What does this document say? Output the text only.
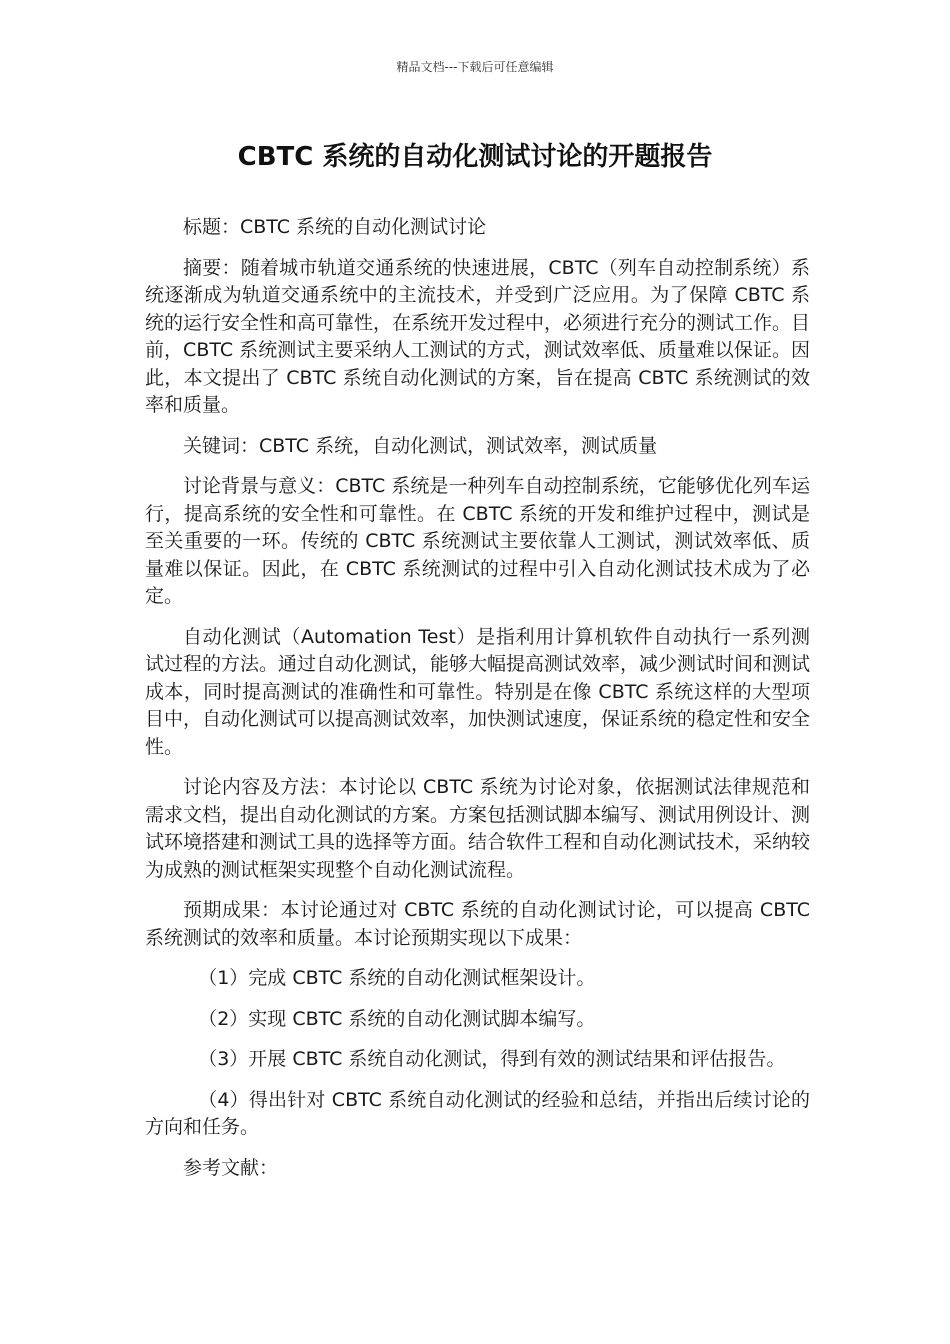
精品文档---下载后可任意编辑
CBTC 系统的自动化测试讨论的开题报告

标题：CBTC 系统的自动化测试讨论

摘要：随着城市轨道交通系统的快速进展，CBTC（列车自动控制系统）系统逐渐成为轨道交通系统中的主流技术，并受到广泛应用。为了保障 CBTC 系统的运行安全性和高可靠性，在系统开发过程中，必须进行充分的测试工作。目前，CBTC 系统测试主要采纳人工测试的方式，测试效率低、质量难以保证。因此，本文提出了 CBTC 系统自动化测试的方案，旨在提高 CBTC 系统测试的效率和质量。

关键词：CBTC 系统，自动化测试，测试效率，测试质量

讨论背景与意义：CBTC 系统是一种列车自动控制系统，它能够优化列车运行，提高系统的安全性和可靠性。在 CBTC 系统的开发和维护过程中，测试是至关重要的一环。传统的 CBTC 系统测试主要依靠人工测试，测试效率低、质量难以保证。因此，在 CBTC 系统测试的过程中引入自动化测试技术成为了必定。

自动化测试（Automation Test）是指利用计算机软件自动执行一系列测试过程的方法。通过自动化测试，能够大幅提高测试效率，减少测试时间和测试成本，同时提高测试的准确性和可靠性。特别是在像 CBTC 系统这样的大型项目中，自动化测试可以提高测试效率，加快测试速度，保证系统的稳定性和安全性。

讨论内容及方法：本讨论以 CBTC 系统为讨论对象，依据测试法律规范和需求文档，提出自动化测试的方案。方案包括测试脚本编写、测试用例设计、测试环境搭建和测试工具的选择等方面。结合软件工程和自动化测试技术，采纳较为成熟的测试框架实现整个自动化测试流程。

预期成果：本讨论通过对 CBTC 系统的自动化测试讨论，可以提高 CBTC 系统测试的效率和质量。本讨论预期实现以下成果：

（1）完成 CBTC 系统的自动化测试框架设计。

（2）实现 CBTC 系统的自动化测试脚本编写。

（3）开展 CBTC 系统自动化测试，得到有效的测试结果和评估报告。

（4）得出针对 CBTC 系统自动化测试的经验和总结，并指出后续讨论的方向和任务。

参考文献：
